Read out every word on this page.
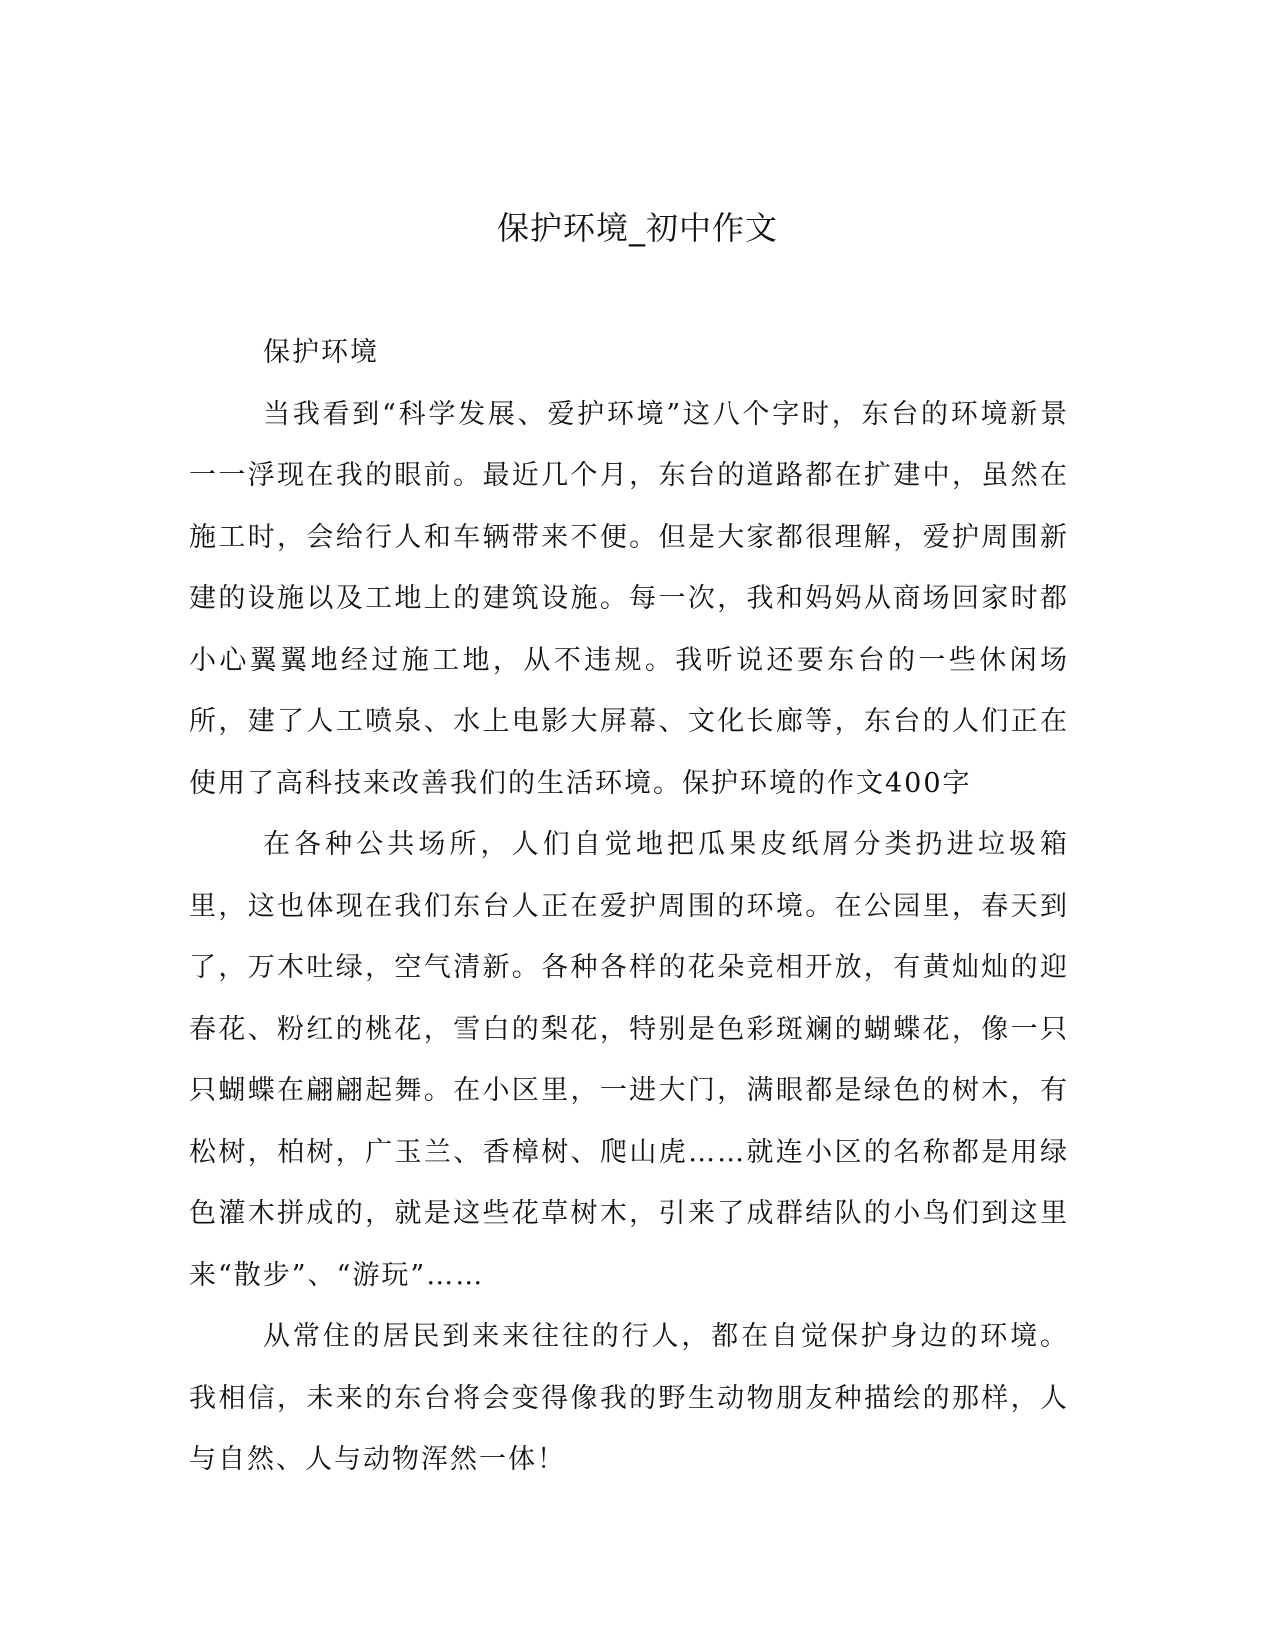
保护环境_初中作文

保护环境

当我看到“科学发展、爱护环境”这八个字时，东台的环境新景一一浮现在我的眼前。最近几个月，东台的道路都在扩建中，虽然在施工时，会给行人和车辆带来不便。但是大家都很理解，爱护周围新建的设施以及工地上的建筑设施。每一次，我和妈妈从商场回家时都小心翼翼地经过施工地，从不违规。我听说还要东台的一些休闲场所，建了人工喷泉、水上电影大屏幕、文化长廊等，东台的人们正在使用了高科技来改善我们的生活环境。保护环境的作文400字

在各种公共场所，人们自觉地把瓜果皮纸屑分类扔进垃圾箱里，这也体现在我们东台人正在爱护周围的环境。在公园里，春天到了，万木吐绿，空气清新。各种各样的花朵竞相开放，有黄灿灿的迎春花、粉红的桃花，雪白的梨花，特别是色彩斑斓的蝴蝶花，像一只只蝴蝶在翩翩起舞。在小区里，一进大门，满眼都是绿色的树木，有松树，柏树，广玉兰、香樟树、爬山虎……就连小区的名称都是用绿色灌木拼成的，就是这些花草树木，引来了成群结队的小鸟们到这里来“散步”、“游玩”……

从常住的居民到来来往往的行人，都在自觉保护身边的环境。我相信，未来的东台将会变得像我的野生动物朋友种描绘的那样，人与自然、人与动物浑然一体！
